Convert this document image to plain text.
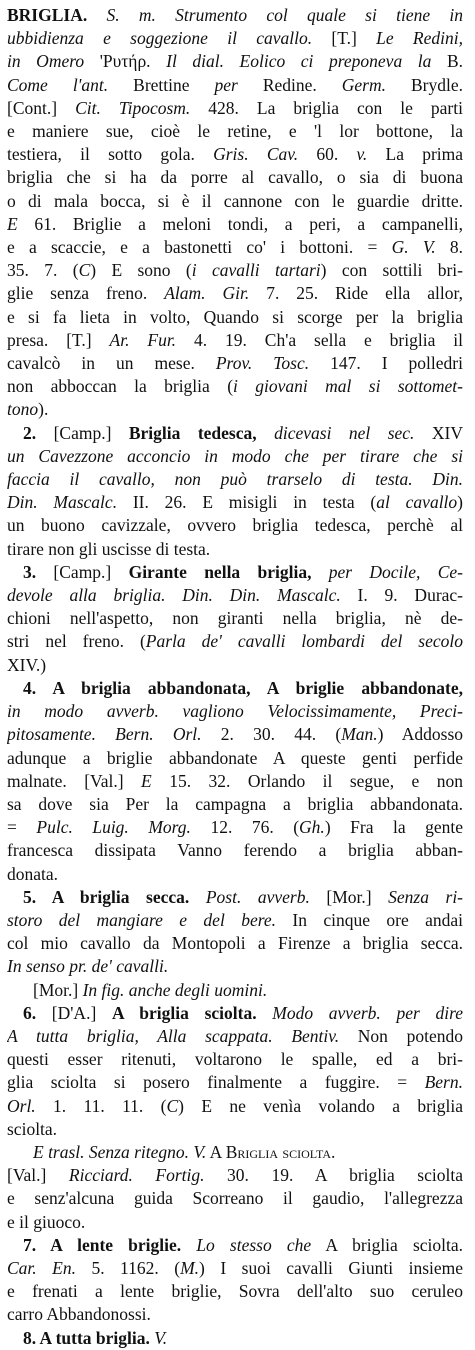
BRIGLIA. S. m. Strumento col quale si tiene in
ubbidienza e soggezione il cavallo. [T.] Le Redini,
in Omero 'Ρυτήρ. Il dial. Eolico ci preponeva la B.
Come l'ant. Brettine per Redine. Germ. Brydle.
[Cont.] Cit. Tipocosm. 428. La briglia con le parti
e maniere sue, cioè le retine, e 'l lor bottone, la
testiera, il sotto gola. Gris. Cav. 60. v. La prima
briglia che si ha da porre al cavallo, o sia di buona
o di mala bocca, si è il cannone con le guardie dritte.
E 61. Briglie a meloni tondi, a peri, a campanelli,
e a scaccie, e a bastonetti co' i bottoni. = G. V. 8.
35. 7. (C) E sono (i cavalli tartari) con sottili bri-
glie senza freno. Alam. Gir. 7. 25. Ride ella allor,
e si fa lieta in volto, Quando si scorge per la briglia
presa. [T.] Ar. Fur. 4. 19. Ch'a sella e briglia il
cavalcò in un mese. Prov. Tosc. 147. I polledri
non abboccan la briglia (i giovani mal si sottomet-
tono).
2. [Camp.] Briglia tedesca, dicevasi nel sec. XIV
un Cavezzone acconcio in modo che per tirare che si
faccia il cavallo, non può trarselo di testa. Din.
Din. Mascalc. II. 26. E misigli in testa (al cavallo)
un buono cavizzale, ovvero briglia tedesca, perchè al
tirare non gli uscisse di testa.
3. [Camp.] Girante nella briglia, per Docile, Ce-
devole alla briglia. Din. Din. Mascalc. I. 9. Durac-
chioni nell'aspetto, non giranti nella briglia, nè de-
stri nel freno. (Parla de' cavalli lombardi del secolo
XIV.)
4. A briglia abbandonata, A briglie abbandonate,
in modo avverb. vagliono Velocissimamente, Preci-
pitosamente. Bern. Orl. 2. 30. 44. (Man.) Addosso
adunque a briglie abbandonate A queste genti perfide
malnate. [Val.] E 15. 32. Orlando il segue, e non
sa dove sia Per la campagna a briglia abbandonata.
= Pulc. Luig. Morg. 12. 76. (Gh.) Fra la gente
francesca dissipata Vanno ferendo a briglia abban-
donata.
5. A briglia secca. Post. avverb. [Mor.] Senza ri-
storo del mangiare e del bere. In cinque ore andai
col mio cavallo da Montopoli a Firenze a briglia secca.
In senso pr. de' cavalli.
[Mor.] In fig. anche degli uomini.
6. [D'A.] A briglia sciolta. Modo avverb. per dire
A tutta briglia, Alla scappata. Bentiv. Non potendo
questi esser ritenuti, voltarono le spalle, ed a bri-
glia sciolta si posero finalmente a fuggire. = Bern.
Orl. 1. 11. 11. (C) E ne venìa volando a briglia
sciolta.
E trasl. Senza ritegno. V. A Briglia sciolta.
[Val.] Ricciard. Fortig. 30. 19. A briglia sciolta
e senz'alcuna guida Scorreano il gaudio, l'allegrezza
e il giuoco.
7. A lente briglie. Lo stesso che A briglia sciolta.
Car. En. 5. 1162. (M.) I suoi cavalli Giunti insieme
e frenati a lente briglie, Sovra dell'alto suo ceruleo
carro Abbandonossi.
8. A tutta briglia. V.
